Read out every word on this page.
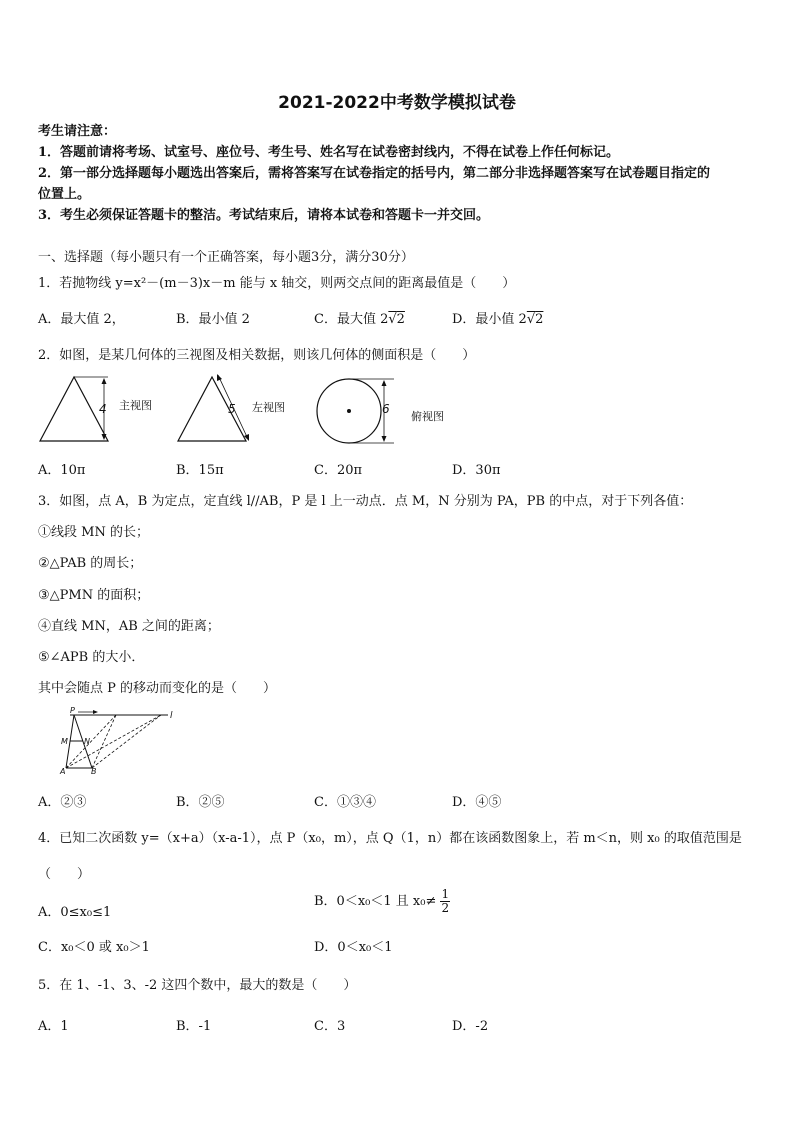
2021-2022中考数学模拟试卷
考生请注意：
1．答题前请将考场、试室号、座位号、考生号、姓名写在试卷密封线内，不得在试卷上作任何标记。
2．第一部分选择题每小题选出答案后，需将答案写在试卷指定的括号内，第二部分非选择题答案写在试卷题目指定的
位置上。
3．考生必须保证答题卡的整洁。考试结束后，请将本试卷和答题卡一并交回。
一、选择题（每小题只有一个正确答案，每小题3分，满分30分）
1．若抛物线 y=x²－(m－3)x－m 能与 x 轴交，则两交点间的距离最值是（　　）
A．最大值 2，	B．最小值 2	C．最大值 2√2	D．最小值 2√2
2．如图，是某几何体的三视图及相关数据，则该几何体的侧面积是（　　）
4 主视图	5 左视图	6
俯视图
A．10π	B．15π	C．20π	D．30π
3．如图，点 A，B 为定点，定直线 l//AB，P 是 l 上一动点．点 M，N 分别为 PA，PB 的中点，对于下列各值：
①线段 MN 的长；
②△PAB 的周长；
③△PMN 的面积；
④直线 MN，AB 之间的距离；
⑤∠APB 的大小．
其中会随点 P 的移动而变化的是（　　）
P
l
M N
A	B
A．②③	B．②⑤	C．①③④	D．④⑤
4．已知二次函数 y=（x+a）（x-a-1），点 P（x₀，m），点 Q（1，n）都在该函数图象上，若 m＜n，则 x₀ 的取值范围是
（　　）
A．0≤x₀≤1
B．0＜x₀＜1 且 $x_0\ne \frac{1}{2}$
C．x₀＜0 或 x₀＞1	D．0＜x₀＜1
5．在 1、-1、3、-2 这四个数中，最大的数是（　　）
A．1	B．-1	C．3	D．-2
